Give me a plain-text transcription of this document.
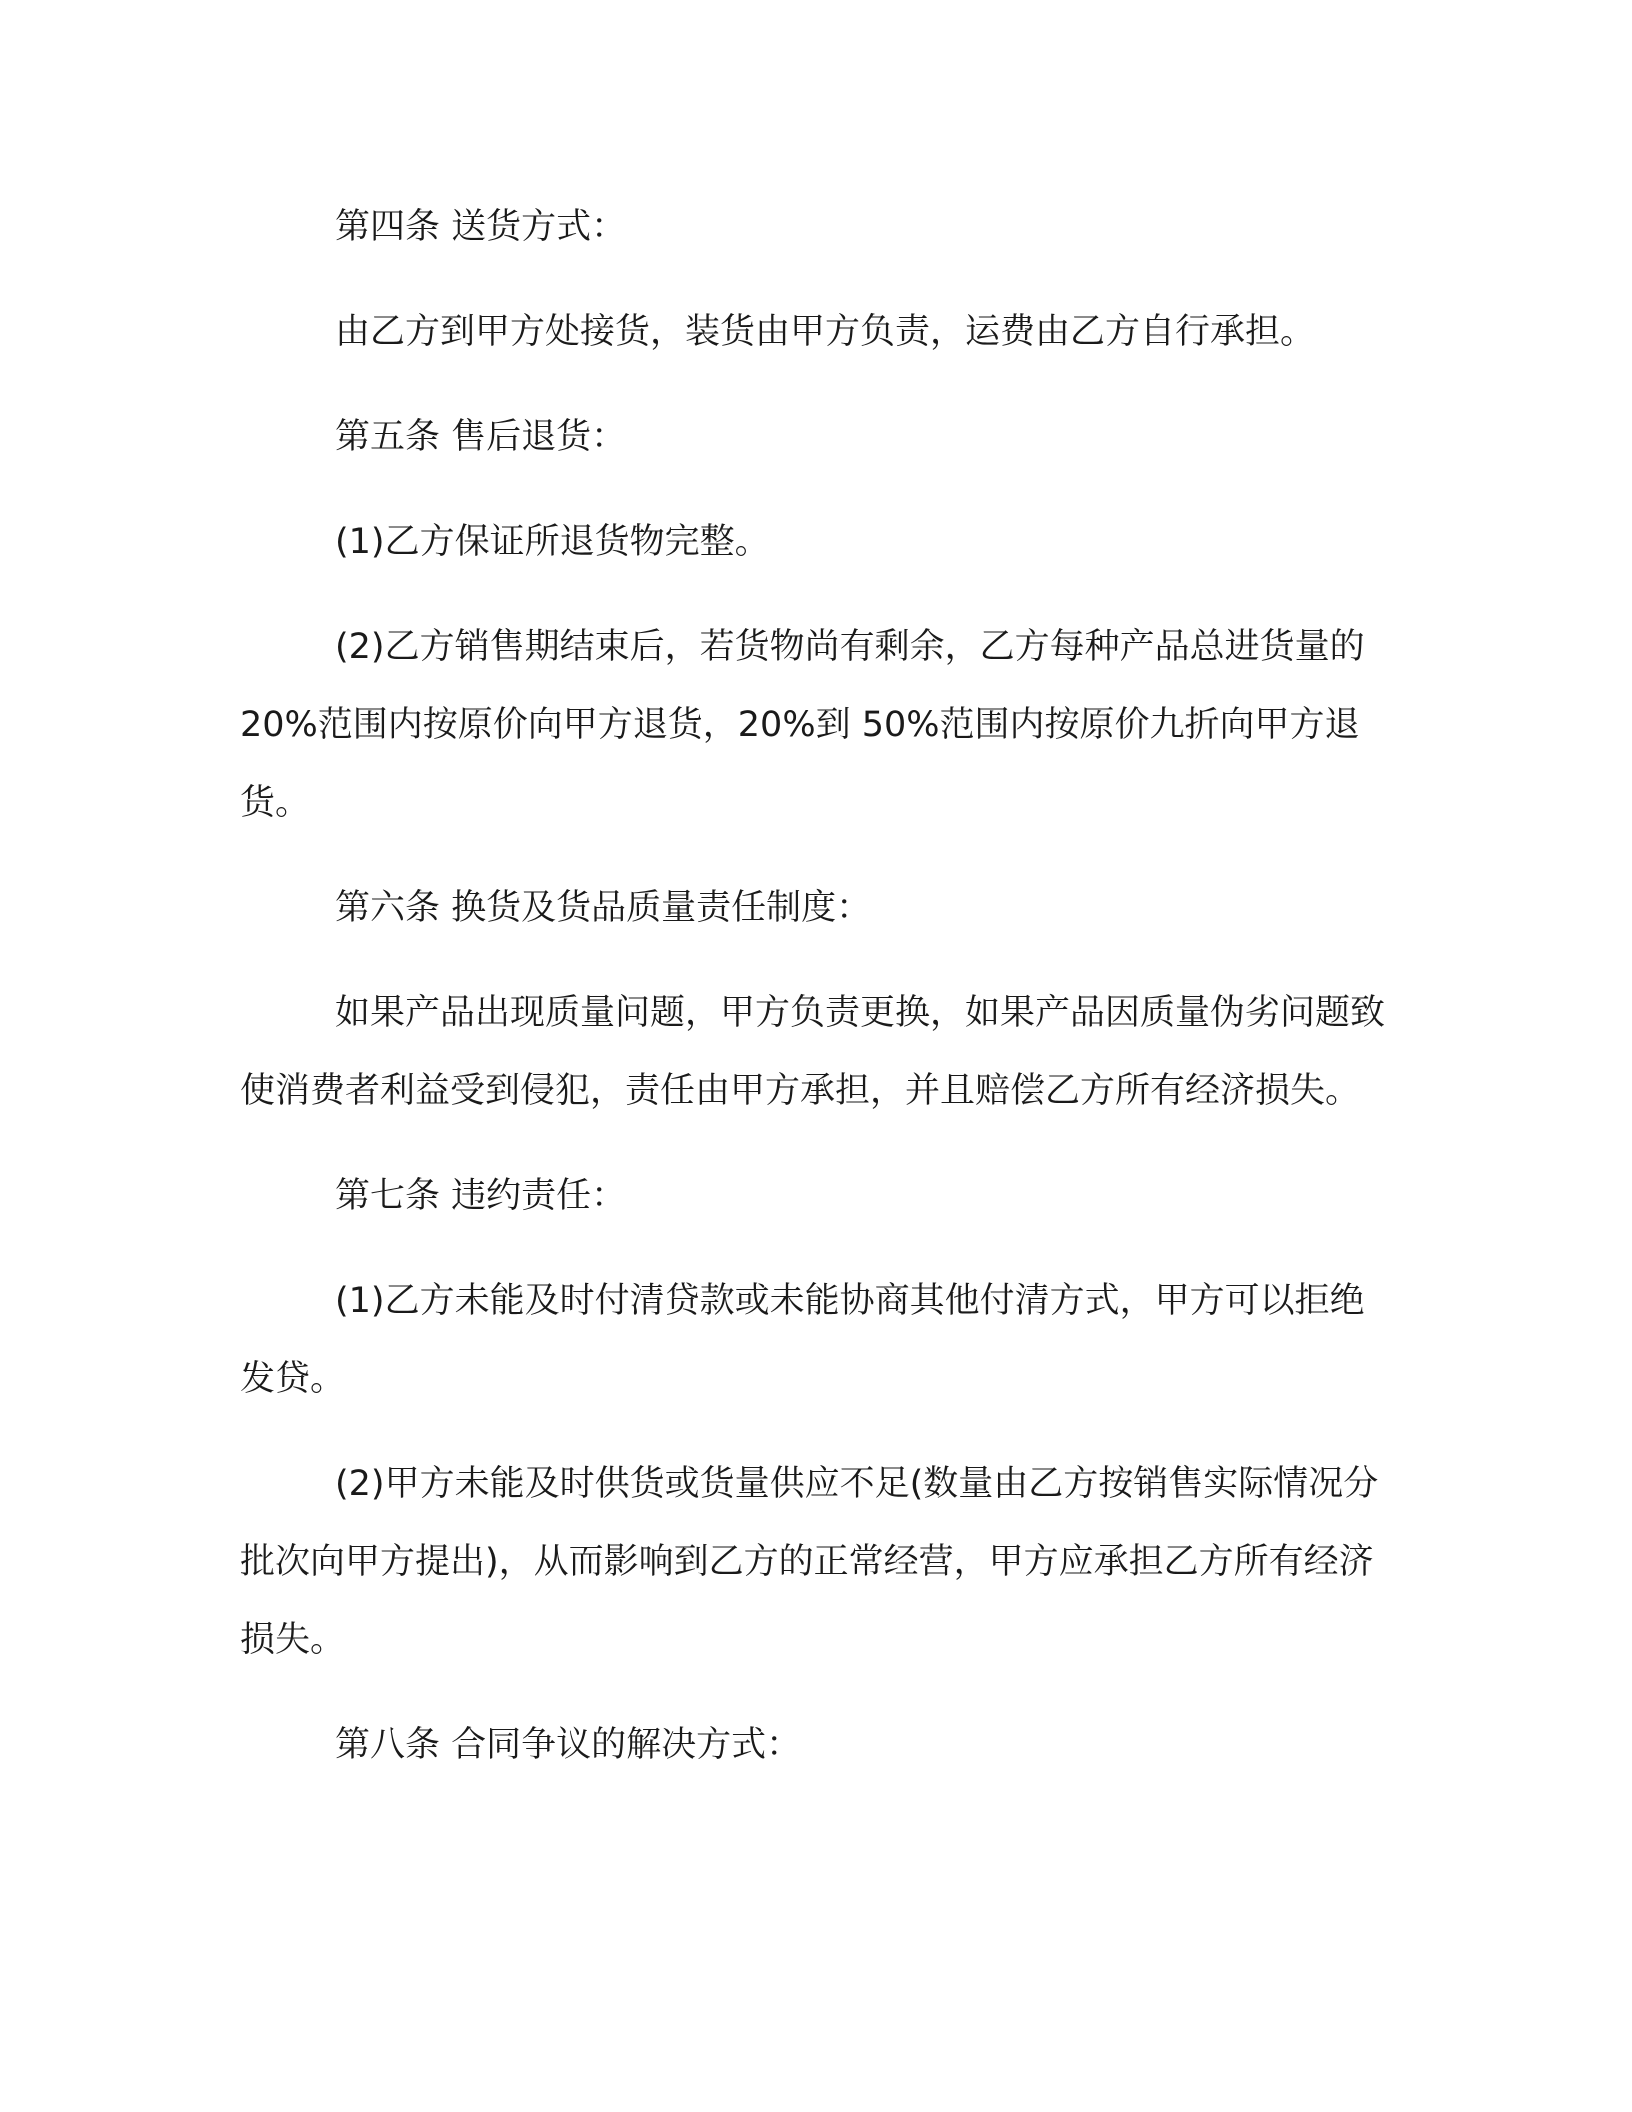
第四条 送货方式：

由乙方到甲方处接货，装货由甲方负责，运费由乙方自行承担。

第五条 售后退货：

(1)乙方保证所退货物完整。

(2)乙方销售期结束后，若货物尚有剩余，乙方每种产品总进货量的 20%范围内按原价向甲方退货，20%到 50%范围内按原价九折向甲方退货。

第六条 换货及货品质量责任制度：

如果产品出现质量问题，甲方负责更换，如果产品因质量伪劣问题致使消费者利益受到侵犯，责任由甲方承担，并且赔偿乙方所有经济损失。

第七条 违约责任：

(1)乙方未能及时付清贷款或未能协商其他付清方式，甲方可以拒绝发贷。

(2)甲方未能及时供货或货量供应不足(数量由乙方按销售实际情况分批次向甲方提出)，从而影响到乙方的正常经营，甲方应承担乙方所有经济损失。

第八条 合同争议的解决方式：
